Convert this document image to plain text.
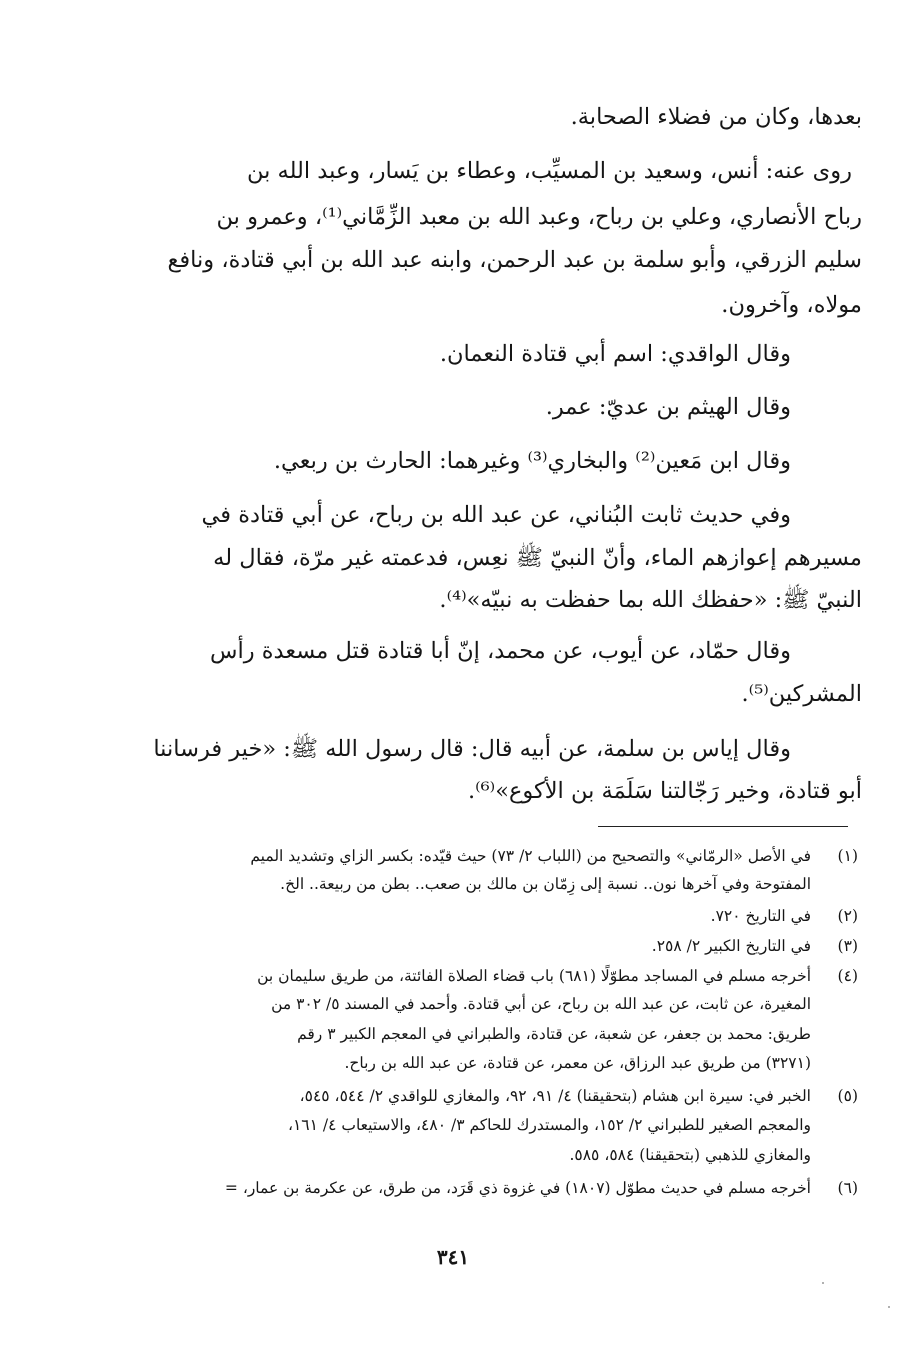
بعدها، وكان من فضلاء الصحابة.
روى عنه: أنس، وسعيد بن المسيِّب، وعطاء بن يَسار، وعبد الله بن
رباح الأنصاري، وعلي بن رباح، وعبد الله بن معبد الزِّمَّاني⁽¹⁾، وعمرو بن
سليم الزرقي، وأبو سلمة بن عبد الرحمن، وابنه عبد الله بن أبي قتادة، ونافع
مولاه، وآخرون.
وقال الواقدي: اسم أبي قتادة النعمان.
وقال الهيثم بن عديّ: عمر.
وقال ابن مَعين⁽²⁾ والبخاري⁽³⁾ وغيرهما: الحارث بن ربعي.
وفي حديث ثابت البُناني، عن عبد الله بن رباح، عن أبي قتادة في
مسيرهم إعوازهم الماء، وأنّ النبيّ ﷺ نعِس، فدعمته غير مرّة، فقال له
النبيّ ﷺ: «حفظك الله بما حفظت به نبيّه»⁽⁴⁾.
وقال حمّاد، عن أيوب، عن محمد، إنّ أبا قتادة قتل مسعدة رأس
المشركين⁽⁵⁾.
وقال إياس بن سلمة، عن أبيه قال: قال رسول الله ﷺ: «خير فرساننا
أبو قتادة، وخير رَجّالتنا سَلَمَة بن الأكوع»⁽⁶⁾.
(١)
(٢)
(٣)
(٤)
(٥)
(٦)
في الأصل «الرمّاني» والتصحيح من (اللباب ٢/ ٧٣) حيث قيّده: بكسر الزاي وتشديد الميم
المفتوحة وفي آخرها نون.. نسبة إلى زِمّان بن مالك بن صعب.. بطن من ربيعة.. الخ.
في التاريخ ٧٢٠.
في التاريخ الكبير ٢/ ٢٥٨.
أخرجه مسلم في المساجد مطوّلًا (٦٨١) باب قضاء الصلاة الفائتة، من طريق سليمان بن
المغيرة، عن ثابت، عن عبد الله بن رباح، عن أبي قتادة. وأحمد في المسند ٥/ ٣٠٢ من
طريق: محمد بن جعفر، عن شعبة، عن قتادة، والطبراني في المعجم الكبير ٣ رقم
(٣٢٧١) من طريق عبد الرزاق، عن معمر، عن قتادة، عن عبد الله بن رباح.
الخبر في: سيرة ابن هشام (بتحقيقنا) ٤/ ٩١، ٩٢، والمغازي للواقدي ٢/ ٥٤٤، ٥٤٥،
والمعجم الصغير للطبراني ٢/ ١٥٢، والمستدرك للحاكم ٣/ ٤٨٠، والاستيعاب ٤/ ١٦١،
والمغازي للذهبي (بتحقيقنا) ٥٨٤، ٥٨٥.
أخرجه مسلم في حديث مطوّل (١٨٠٧) في غزوة ذي قَرَد، من طرق، عن عكرمة بن عمار، =
٣٤١
